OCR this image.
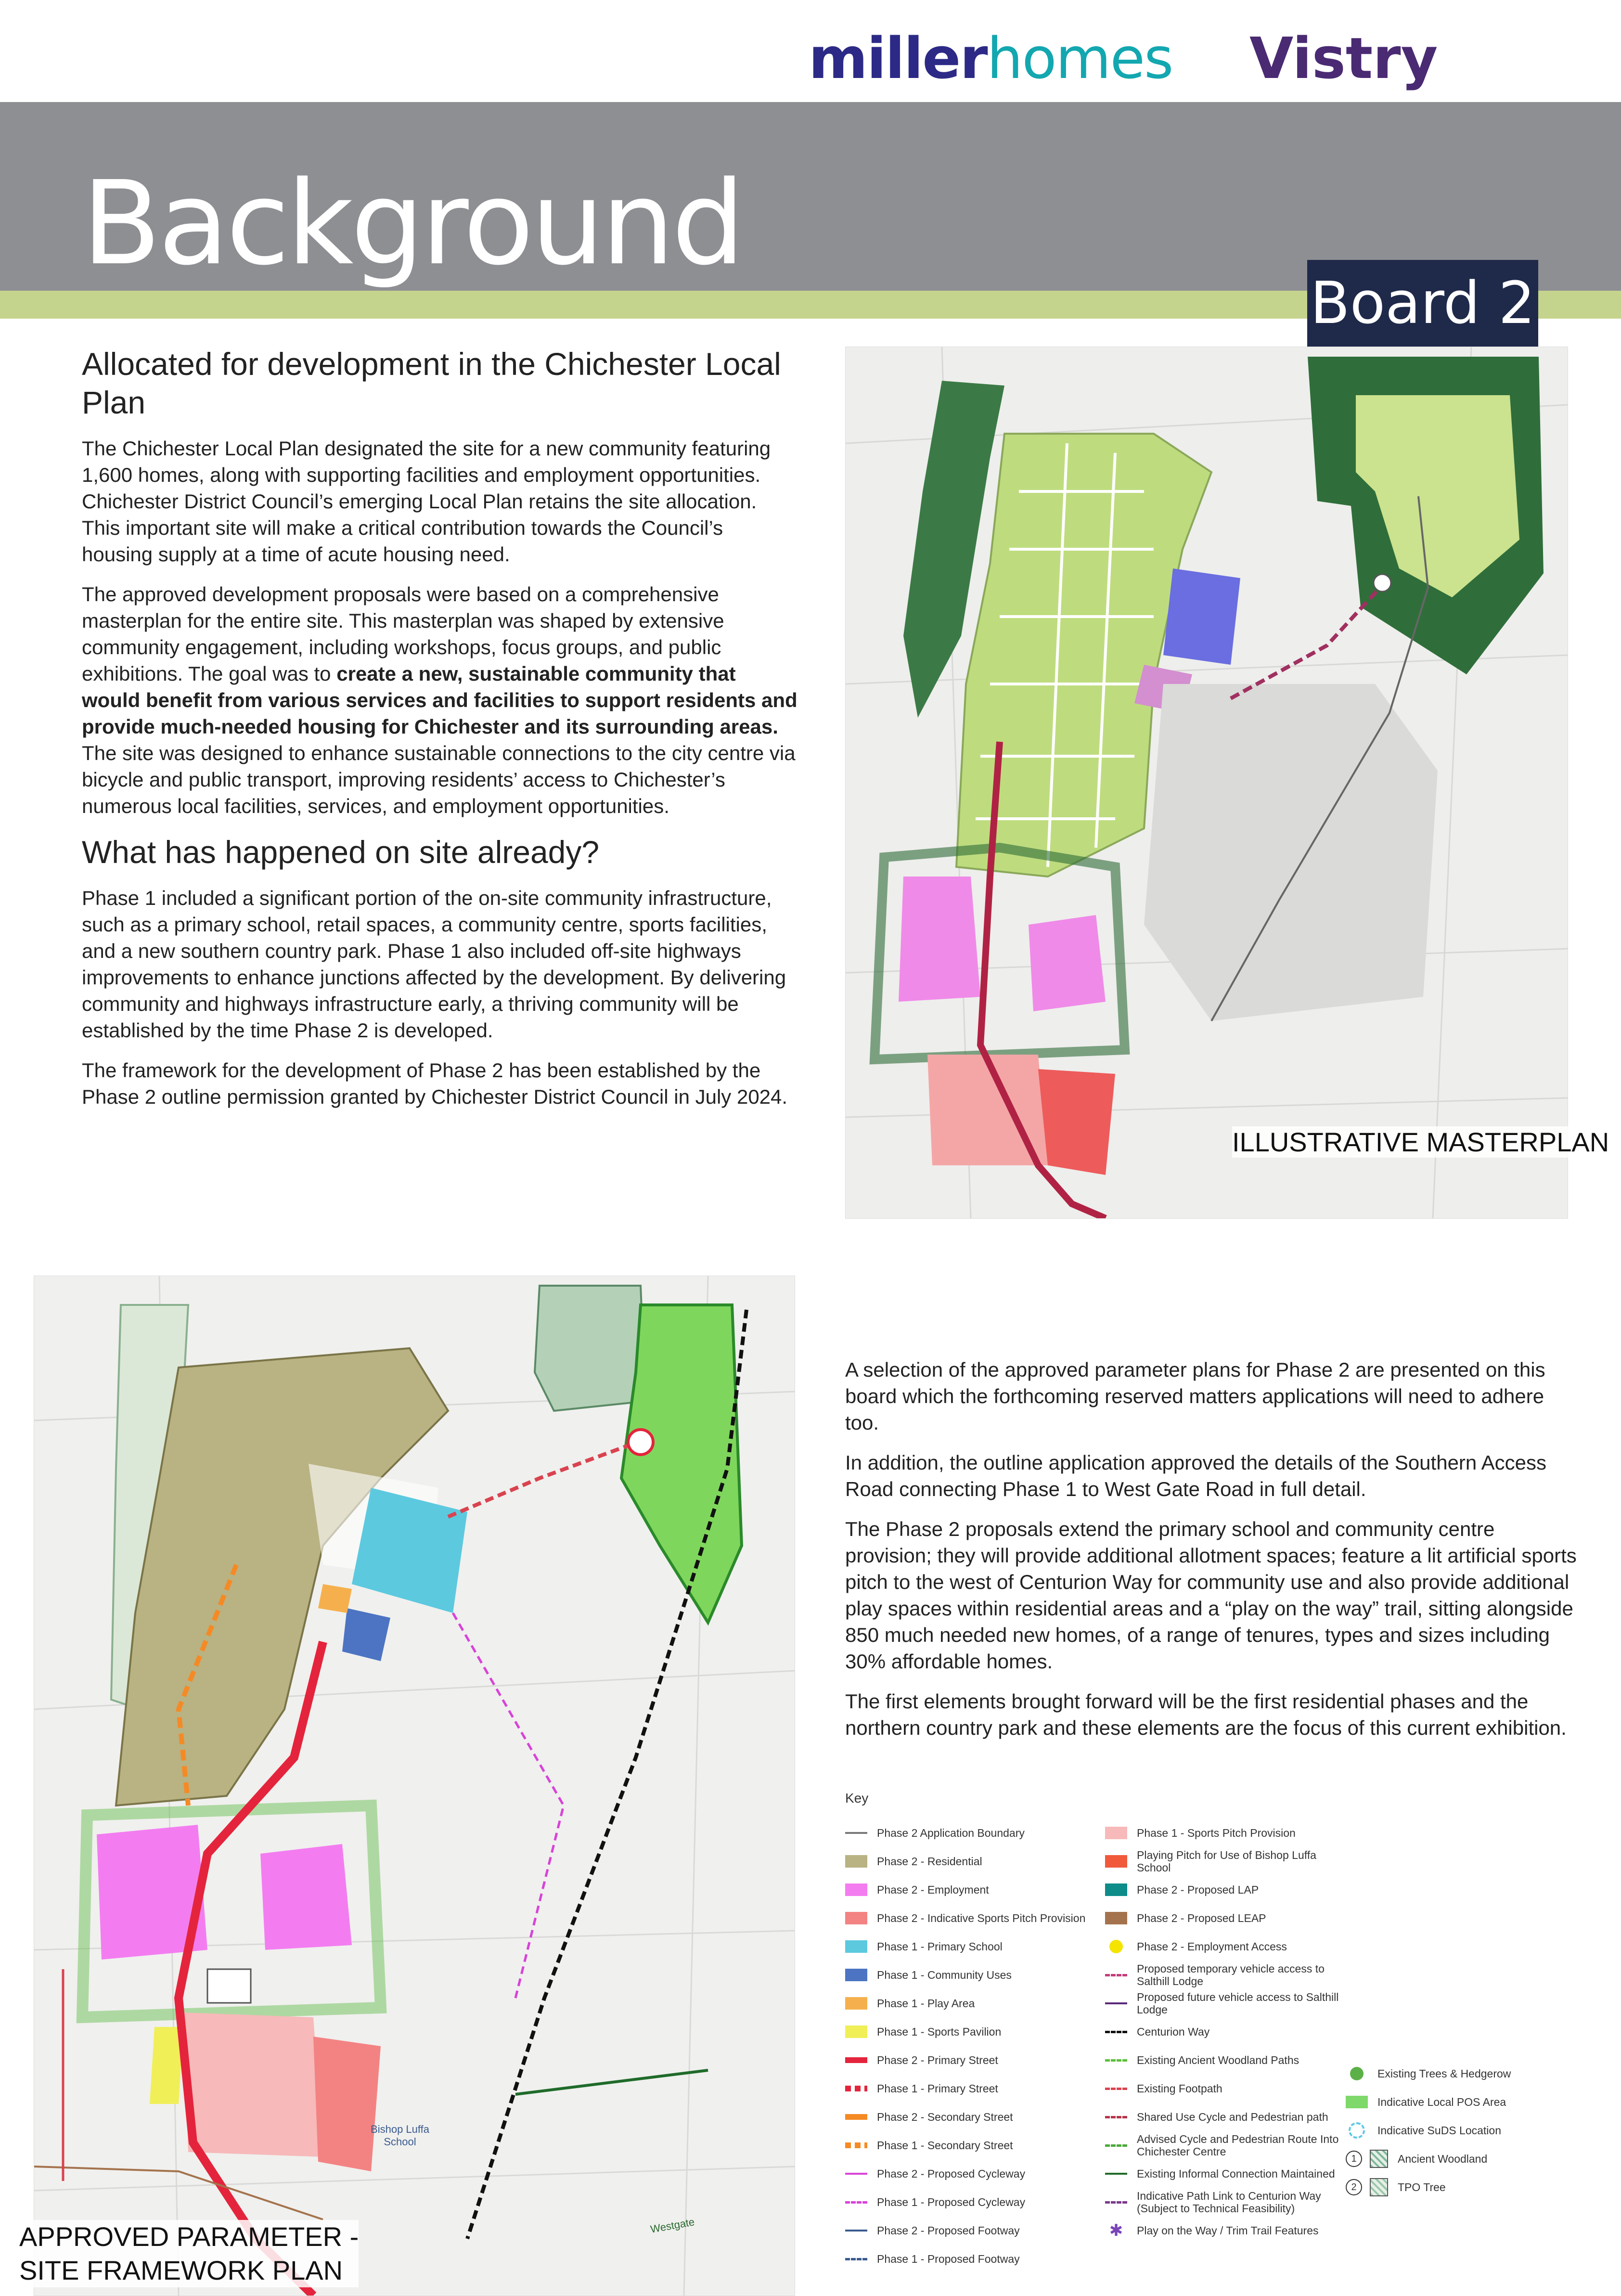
millerhomes Vistry
Background
Board 2
Allocated for development in the Chichester Local Plan

The Chichester Local Plan designated the site for a new community featuring 1,600 homes, along with supporting facilities and employment opportunities. Chichester District Council’s emerging Local Plan retains the site allocation. This important site will make a critical contribution towards the Council’s housing supply at a time of acute housing need.

The approved development proposals were based on a comprehensive masterplan for the entire site. This masterplan was shaped by extensive community engagement, including workshops, focus groups, and public exhibitions. The goal was to create a new, sustainable community that would benefit from various services and facilities to support residents and provide much-needed housing for Chichester and its surrounding areas. The site was designed to enhance sustainable connections to the city centre via bicycle and public transport, improving residents’ access to Chichester’s numerous local facilities, services, and employment opportunities.

What has happened on site already?

Phase 1 included a significant portion of the on-site community infrastructure, such as a primary school, retail spaces, a community centre, sports facilities, and a new southern country park. Phase 1 also included off-site highways improvements to enhance junctions affected by the development. By delivering community and highways infrastructure early, a thriving community will be established by the time Phase 2 is developed.

The framework for the development of Phase 2 has been established by the Phase 2 outline permission granted by Chichester District Council in July 2024.

ILLUSTRATIVE MASTERPLAN
Bishop Luffa School
Westgate
APPROVED PARAMETER -
SITE FRAMEWORK PLAN

A selection of the approved parameter plans for Phase 2 are presented on this board which the forthcoming reserved matters applications will need to adhere too.

In addition, the outline application approved the details of the Southern Access Road connecting Phase 1 to West Gate Road in full detail.

The Phase 2 proposals extend the primary school and community centre provision; they will provide additional allotment spaces; feature a lit artificial sports pitch to the west of Centurion Way for community use and also provide additional play spaces within residential areas and a “play on the way” trail, sitting alongside 850 much needed new homes, of a range of tenures, types and sizes including 30% affordable homes.

The first elements brought forward will be the first residential phases and the northern country park and these elements are the focus of this current exhibition.

Key
Phase 2 Application Boundary
Phase 2 - Residential
Phase 2 - Employment
Phase 2 - Indicative Sports Pitch Provision
Phase 1 - Primary School
Phase 1 - Community Uses
Phase 1 - Play Area
Phase 1 - Sports Pavilion
Phase 2 - Primary Street
Phase 1 - Primary Street
Phase 2 - Secondary Street
Phase 1 - Secondary Street
Phase 2 - Proposed Cycleway
Phase 1 - Proposed Cycleway
Phase 2 - Proposed Footway
Phase 1 - Proposed Footway
Phase 1 - Sports Pitch Provision
Playing Pitch for Use of Bishop Luffa School
Phase 2 - Proposed LAP
Phase 2 - Proposed LEAP
Phase 2 - Employment Access
Proposed temporary vehicle access to Salthill Lodge
Proposed future vehicle access to Salthill Lodge
Centurion Way
Existing Ancient Woodland Paths
Existing Footpath
Shared Use Cycle and Pedestrian path
Advised Cycle and Pedestrian Route Into Chichester Centre
Existing Informal Connection Maintained
Indicative Path Link to Centurion Way (Subject to Technical Feasibility)
✱	Play on the Way / Trim Trail Features
Existing Trees & Hedgerow
Indicative Local POS Area
Indicative SuDS Location
1	Ancient Woodland
2	TPO Tree
